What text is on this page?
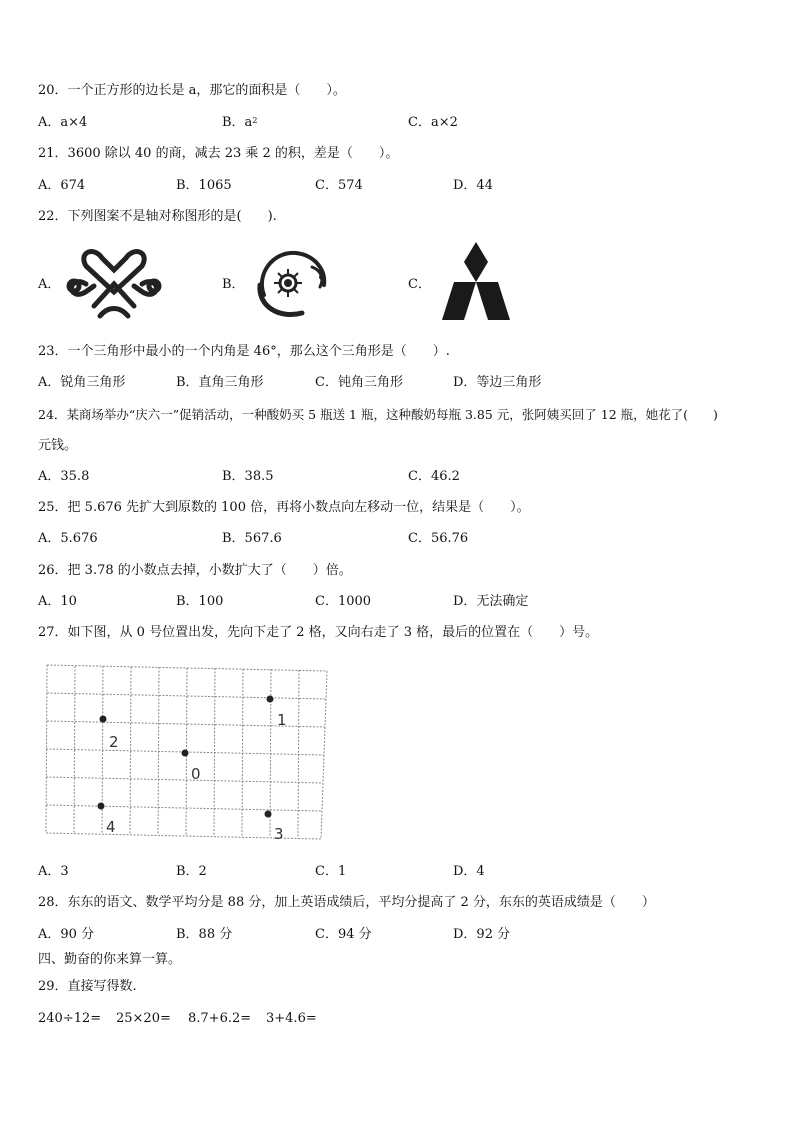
20．一个正方形的边长是 a，那它的面积是（　　）。
A．a×4	B．$a^2$	C．a×2
21．3600 除以 40 的商，减去 23 乘 2 的积，差是（　　）。
A．674	B．1065	C．574	D．44
22．下列图案不是轴对称图形的是(　　).
A．	B．	C．
23．一个三角形中最小的一个内角是 46°，那么这个三角形是（　　）.
A．锐角三角形	B．直角三角形	C．钝角三角形	D．等边三角形
24．某商场举办“庆六一”促销活动，一种酸奶买 5 瓶送 1 瓶，这种酸奶每瓶 3.85 元，张阿姨买回了 12 瓶，她花了(　　)
元钱。
A．35.8	B．38.5	C．46.2
25．把 5.676 先扩大到原数的 100 倍，再将小数点向左移动一位，结果是（　　）。
A．5.676	B．567.6	C．56.76
26．把 3.78 的小数点去掉，小数扩大了（　　）倍。
A．10	B．100	C．1000	D．无法确定
27．如下图，从 0 号位置出发，先向下走了 2 格，又向右走了 3 格，最后的位置在（　　）号。
1
2
0
4	3
A．3	B．2	C．1	D．4
28．东东的语文、数学平均分是 88 分，加上英语成绩后，平均分提高了 2 分，东东的英语成绩是（　　）
A．90 分	B．88 分	C．94 分	D．92 分
四、勤奋的你来算一算。
29．直接写得数.
240÷12= 25×20= 8.7+6.2= 3+4.6=
